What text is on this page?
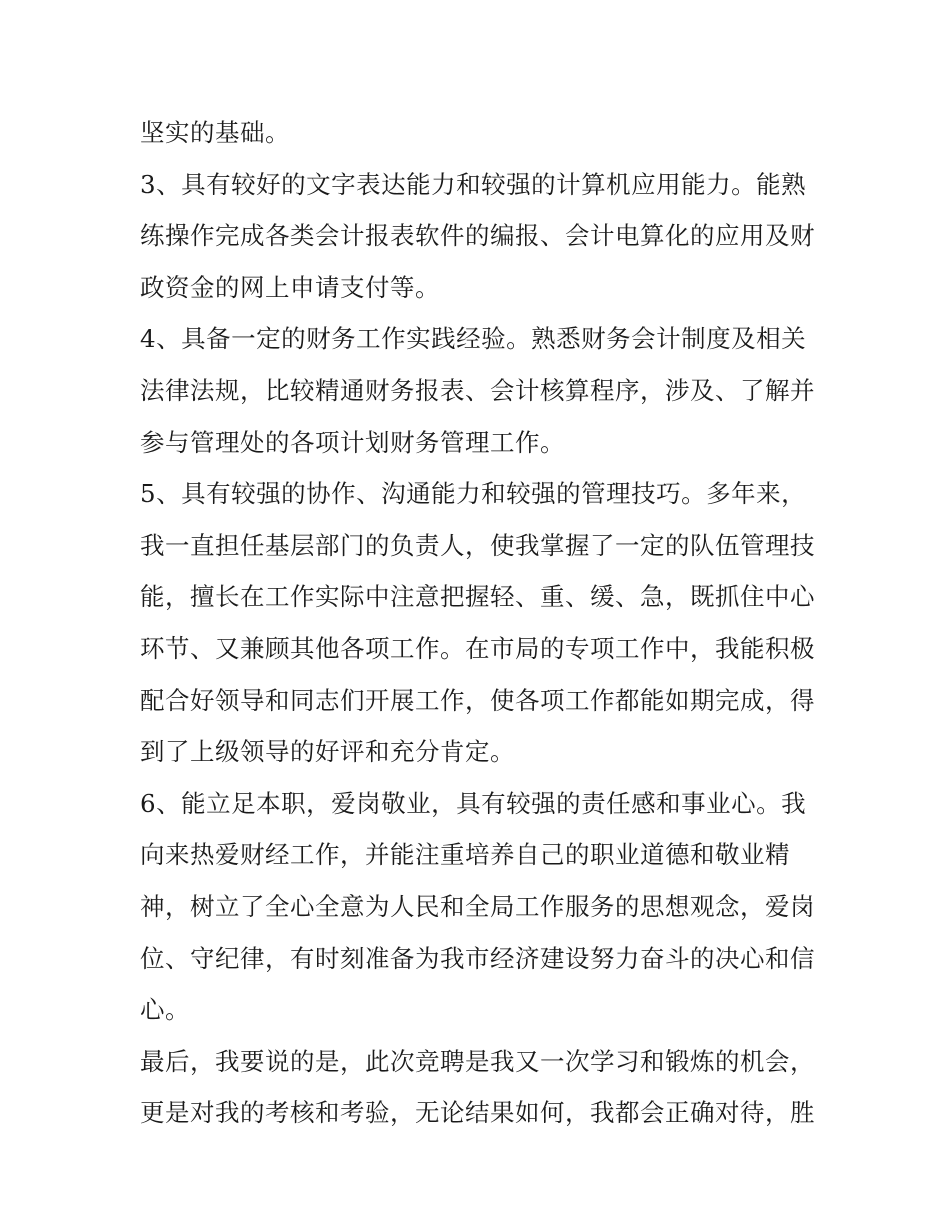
坚实的基础。
3、具有较好的文字表达能力和较强的计算机应用能力。能熟
练操作完成各类会计报表软件的编报、会计电算化的应用及财
政资金的网上申请支付等。
4、具备一定的财务工作实践经验。熟悉财务会计制度及相关
法律法规，比较精通财务报表、会计核算程序，涉及、了解并
参与管理处的各项计划财务管理工作。
5、具有较强的协作、沟通能力和较强的管理技巧。多年来，
我一直担任基层部门的负责人，使我掌握了一定的队伍管理技
能，擅长在工作实际中注意把握轻、重、缓、急，既抓住中心
环节、又兼顾其他各项工作。在市局的专项工作中，我能积极
配合好领导和同志们开展工作，使各项工作都能如期完成，得
到了上级领导的好评和充分肯定。
6、能立足本职，爱岗敬业，具有较强的责任感和事业心。我
向来热爱财经工作，并能注重培养自己的职业道德和敬业精
神，树立了全心全意为人民和全局工作服务的思想观念，爱岗
位、守纪律，有时刻准备为我市经济建设努力奋斗的决心和信
心。
最后，我要说的是，此次竞聘是我又一次学习和锻炼的机会，
更是对我的考核和考验，无论结果如何，我都会正确对待，胜
